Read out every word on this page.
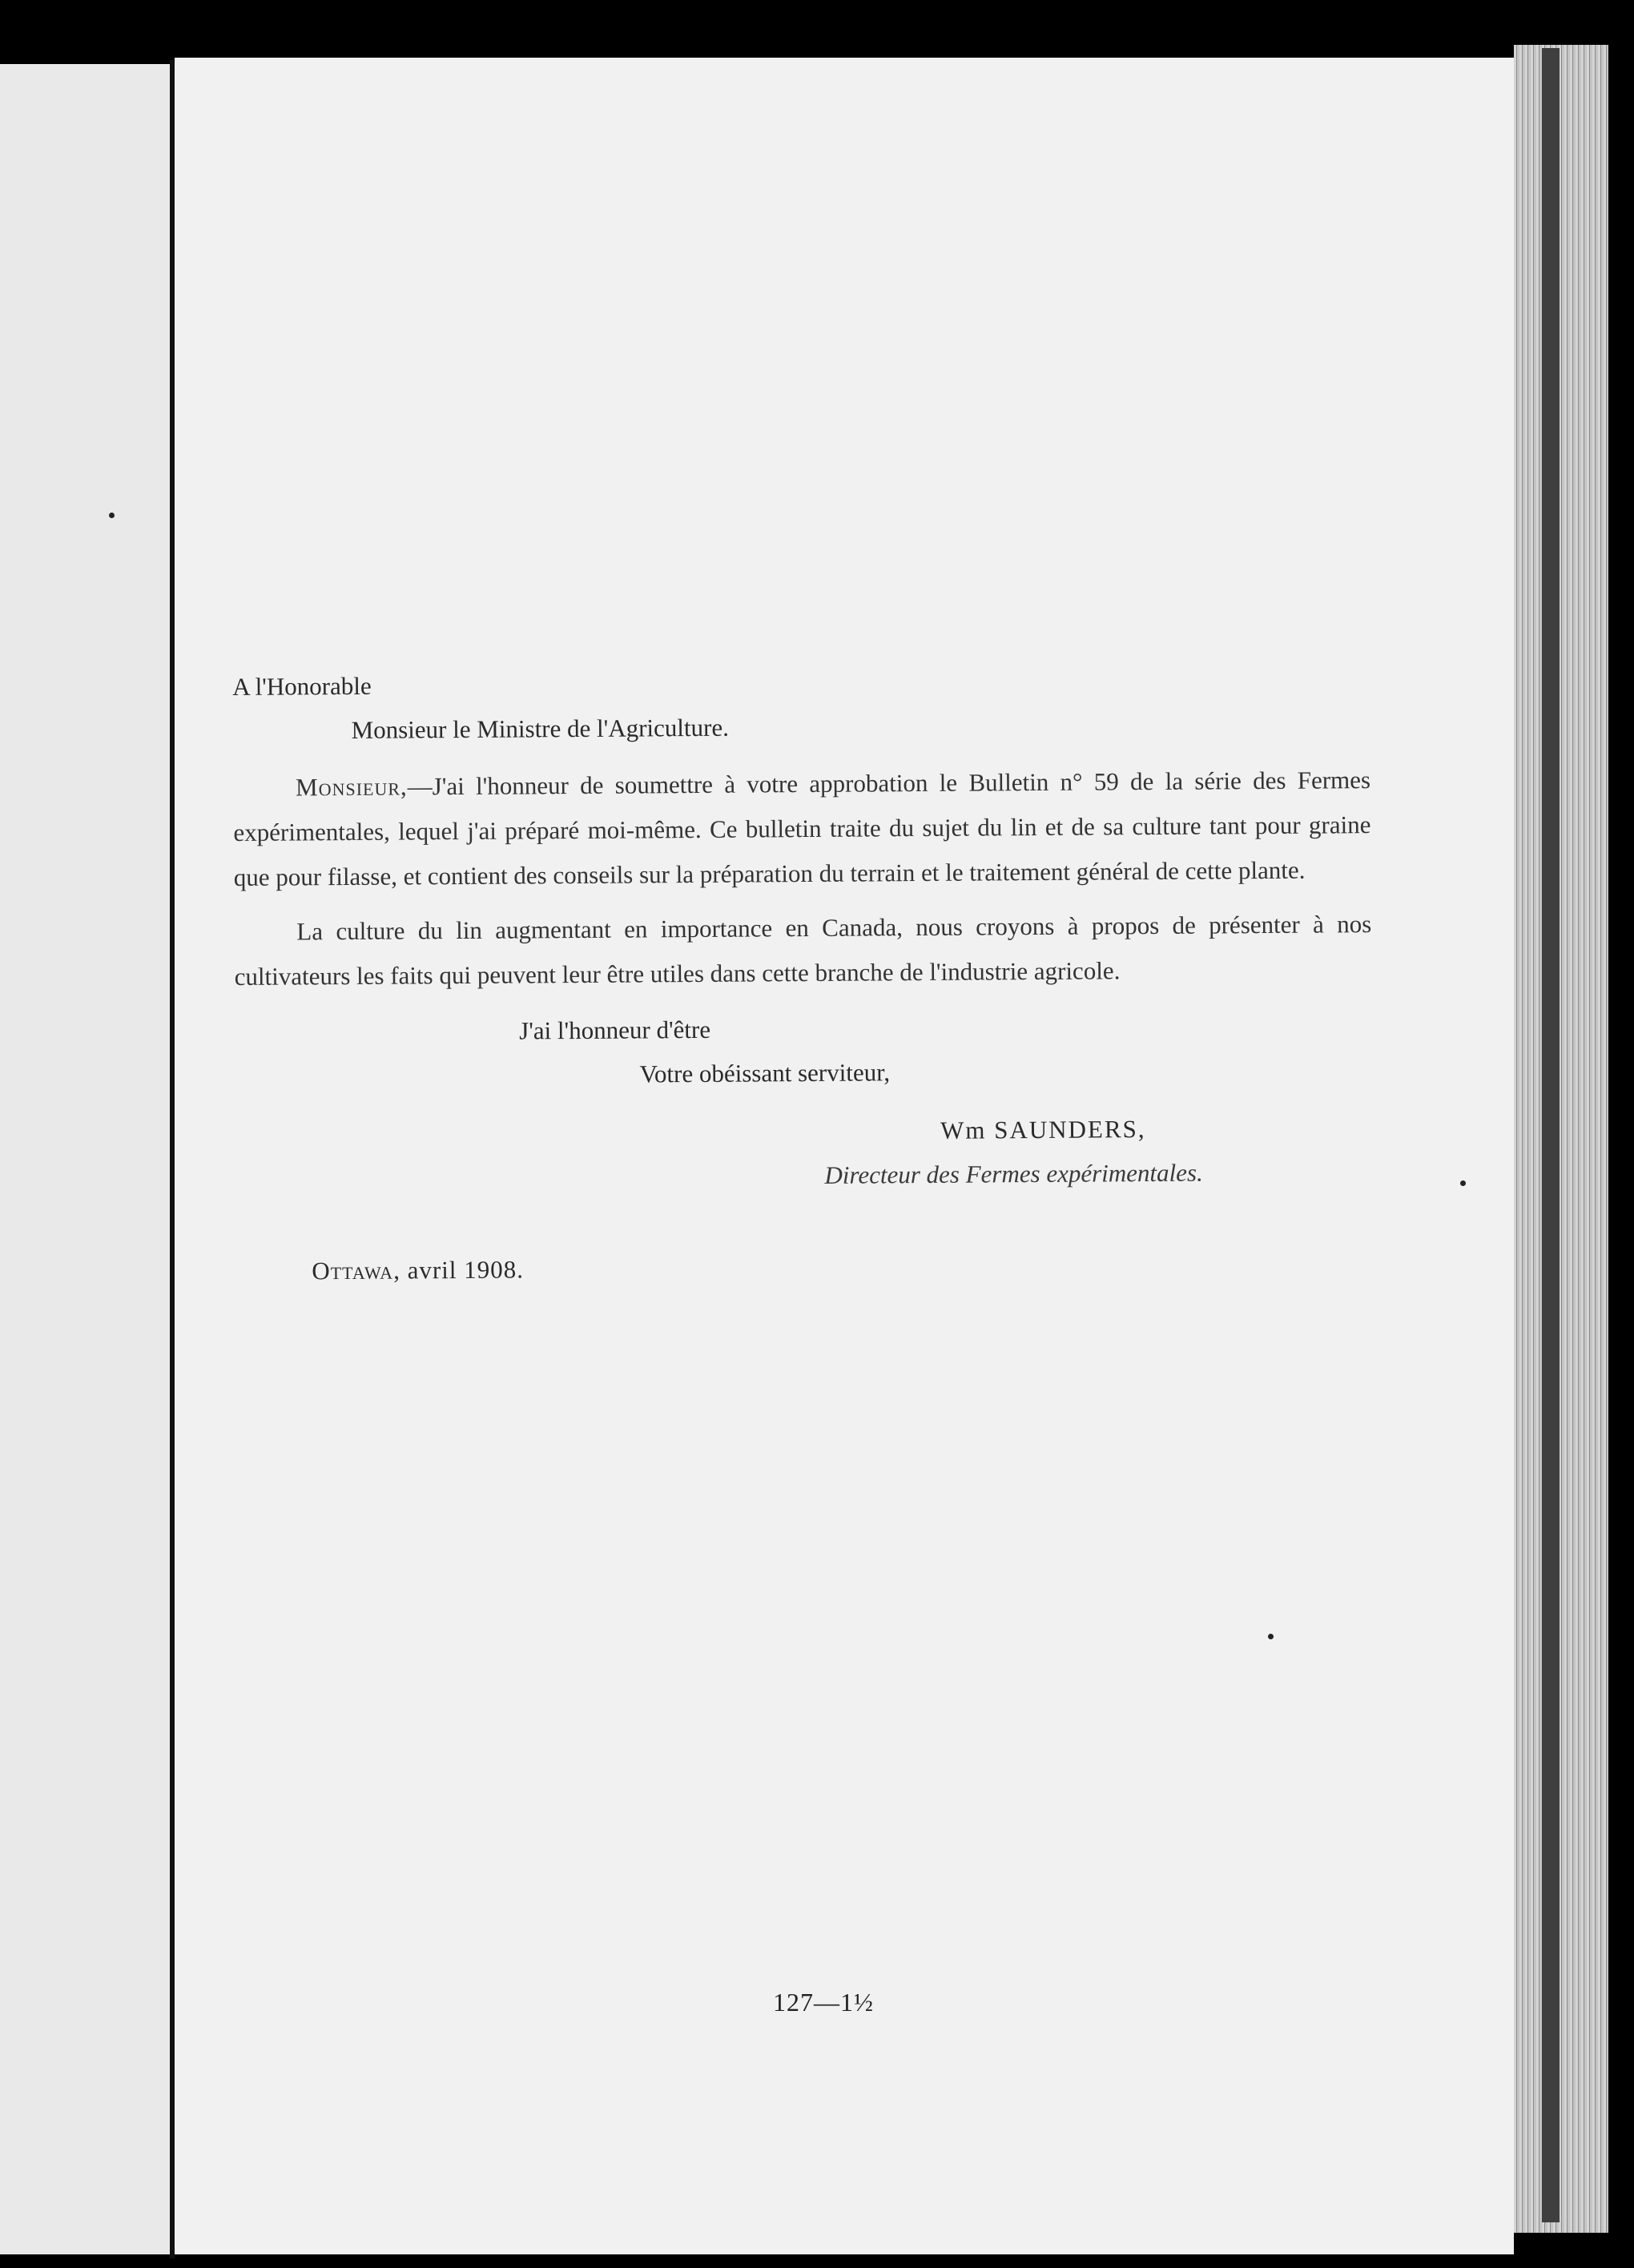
A l'Honorable

Monsieur le Ministre de l'Agriculture.

Monsieur,—J'ai l'honneur de soumettre à votre approbation le Bulletin n° 59 de la série des Fermes expérimentales, lequel j'ai préparé moi-même. Ce bulletin traite du sujet du lin et de sa culture tant pour graine que pour filasse, et contient des conseils sur la préparation du terrain et le traitement général de cette plante.

La culture du lin augmentant en importance en Canada, nous croyons à propos de présenter à nos cultivateurs les faits qui peuvent leur être utiles dans cette branche de l'industrie agricole.

J'ai l'honneur d'être

Votre obéissant serviteur,

Wm SAUNDERS,

Directeur des Fermes expérimentales.

Ottawa, avril 1908.

127—1½
